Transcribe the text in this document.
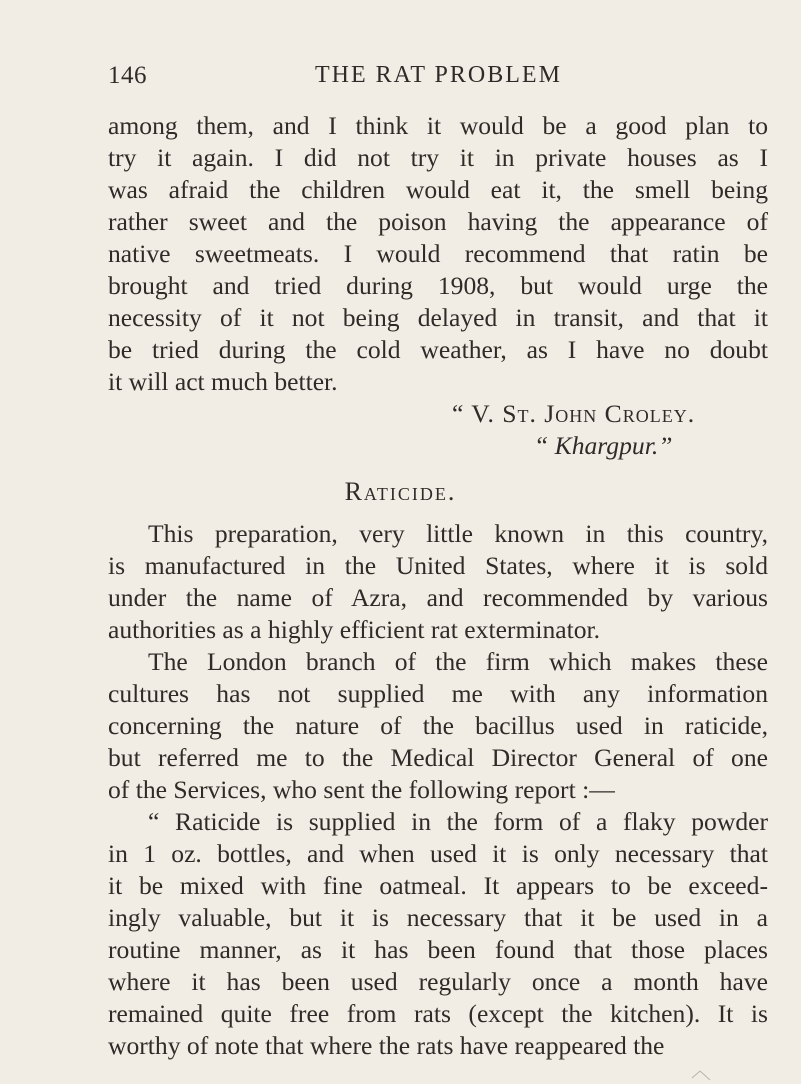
146	THE RAT PROBLEM
among them, and I think it would be a good plan to
try it again. I did not try it in private houses as I
was afraid the children would eat it, the smell being
rather sweet and the poison having the appearance of
native sweetmeats. I would recommend that ratin be
brought and tried during 1908, but would urge the
necessity of it not being delayed in transit, and that it
be tried during the cold weather, as I have no doubt
it will act much better.
“ V. St. John Croley.
“ Khargpur.”
Raticide.
This preparation, very little known in this country,
is manufactured in the United States, where it is sold
under the name of Azra, and recommended by various
authorities as a highly efficient rat exterminator.
The London branch of the firm which makes these
cultures has not supplied me with any information
concerning the nature of the bacillus used in raticide,
but referred me to the Medical Director General of one
of the Services, who sent the following report :—
“ Raticide is supplied in the form of a flaky powder
in 1 oz. bottles, and when used it is only necessary that
it be mixed with fine oatmeal. It appears to be exceed-
ingly valuable, but it is necessary that it be used in a
routine manner, as it has been found that those places
where it has been used regularly once a month have
remained quite free from rats (except the kitchen). It is
worthy of note that where the rats have reappeared the
